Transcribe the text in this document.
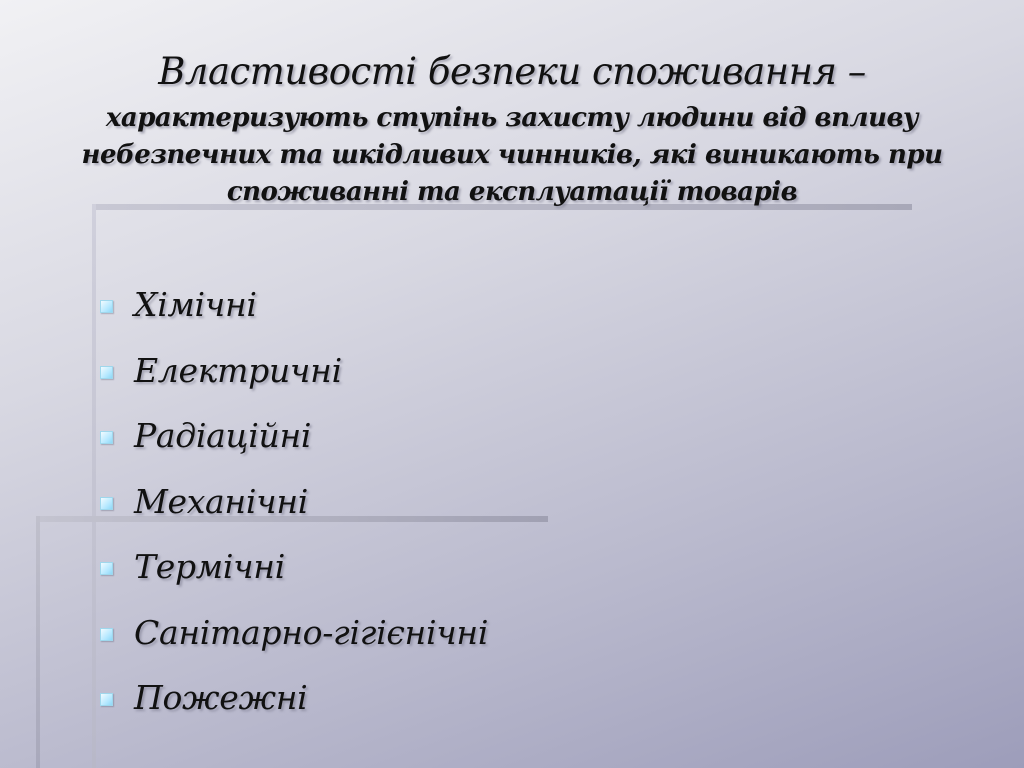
Властивості безпеки споживання –
характеризують ступінь захисту людини від впливу
небезпечних та шкідливих чинників, які виникають при
споживанні та експлуатації товарів
Хімічні
Електричні
Радіаційні
Механічні
Термічні
Санітарно-гігієнічні
Пожежні
